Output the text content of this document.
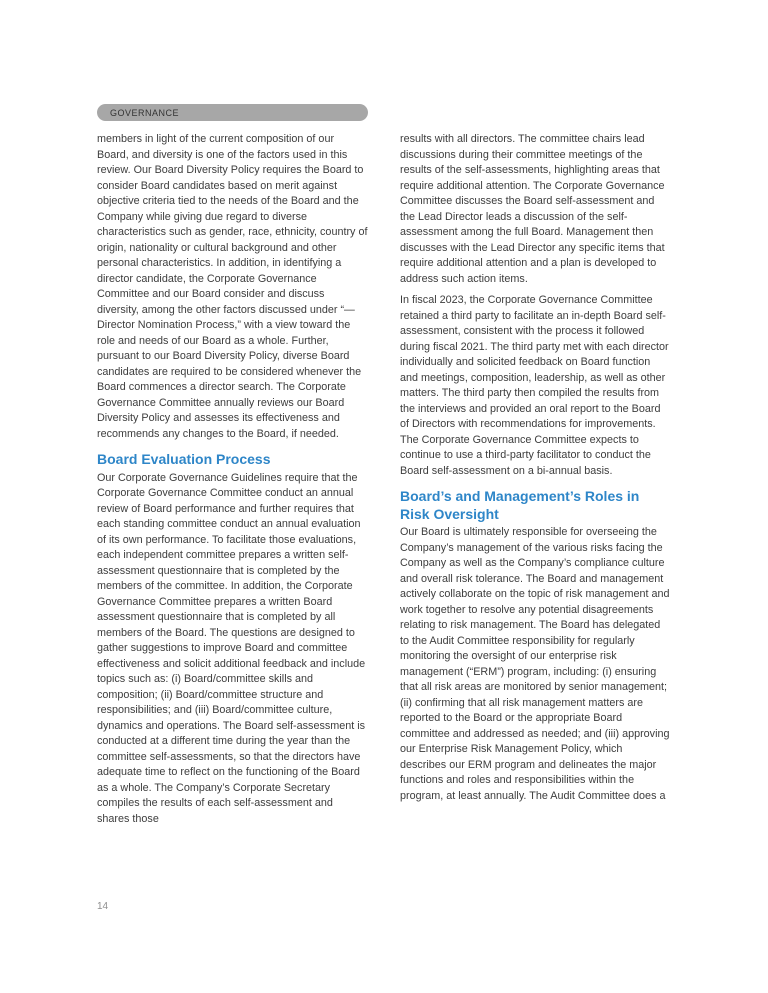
GOVERNANCE

members in light of the current composition of our Board, and diversity is one of the factors used in this review. Our Board Diversity Policy requires the Board to consider Board candidates based on merit against objective criteria tied to the needs of the Board and the Company while giving due regard to diverse characteristics such as gender, race, ethnicity, country of origin, nationality or cultural background and other personal characteristics. In addition, in identifying a director candidate, the Corporate Governance Committee and our Board consider and discuss diversity, among the other factors discussed under “— Director Nomination Process,” with a view toward the role and needs of our Board as a whole. Further, pursuant to our Board Diversity Policy, diverse Board candidates are required to be considered whenever the Board commences a director search. The Corporate Governance Committee annually reviews our Board Diversity Policy and assesses its effectiveness and recommends any changes to the Board, if needed.

Board Evaluation Process

Our Corporate Governance Guidelines require that the Corporate Governance Committee conduct an annual review of Board performance and further requires that each standing committee conduct an annual evaluation of its own performance. To facilitate those evaluations, each independent committee prepares a written self-assessment questionnaire that is completed by the members of the committee. In addition, the Corporate Governance Committee prepares a written Board assessment questionnaire that is completed by all members of the Board. The questions are designed to gather suggestions to improve Board and committee effectiveness and solicit additional feedback and include topics such as: (i) Board/committee skills and composition; (ii) Board/committee structure and responsibilities; and (iii) Board/committee culture, dynamics and operations. The Board self-assessment is conducted at a different time during the year than the committee self-assessments, so that the directors have adequate time to reflect on the functioning of the Board as a whole. The Company’s Corporate Secretary compiles the results of each self-assessment and shares those

results with all directors. The committee chairs lead discussions during their committee meetings of the results of the self-assessments, highlighting areas that require additional attention. The Corporate Governance Committee discusses the Board self-assessment and the Lead Director leads a discussion of the self-assessment among the full Board. Management then discusses with the Lead Director any specific items that require additional attention and a plan is developed to address such action items.

In fiscal 2023, the Corporate Governance Committee retained a third party to facilitate an in-depth Board self-assessment, consistent with the process it followed during fiscal 2021. The third party met with each director individually and solicited feedback on Board function and meetings, composition, leadership, as well as other matters. The third party then compiled the results from the interviews and provided an oral report to the Board of Directors with recommendations for improvements. The Corporate Governance Committee expects to continue to use a third-party facilitator to conduct the Board self-assessment on a bi-annual basis.

Board’s and Management’s Roles in Risk Oversight

Our Board is ultimately responsible for overseeing the Company’s management of the various risks facing the Company as well as the Company’s compliance culture and overall risk tolerance. The Board and management actively collaborate on the topic of risk management and work together to resolve any potential disagreements relating to risk management. The Board has delegated to the Audit Committee responsibility for regularly monitoring the oversight of our enterprise risk management (“ERM”) program, including: (i) ensuring that all risk areas are monitored by senior management; (ii) confirming that all risk management matters are reported to the Board or the appropriate Board committee and addressed as needed; and (iii) approving our Enterprise Risk Management Policy, which describes our ERM program and delineates the major functions and roles and responsibilities within the program, at least annually. The Audit Committee does a

14
